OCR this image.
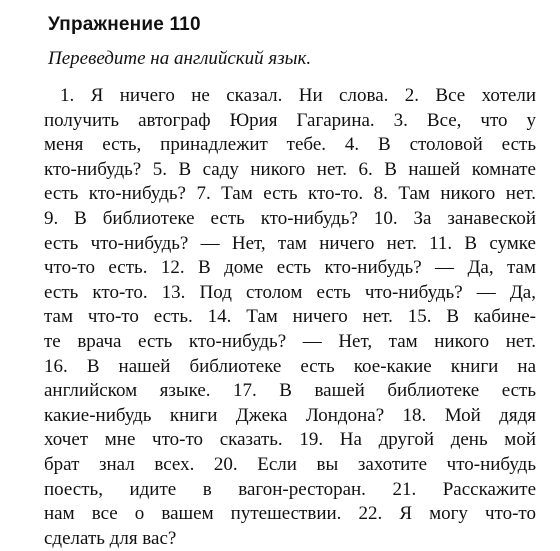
Упражнение 110
Переведите на английский язык.
1. Я ничего не сказал. Ни слова. 2. Все хотели
получить автограф Юрия Гагарина. 3. Все, что у
меня есть, принадлежит тебе. 4. В столовой есть
кто-нибудь? 5. В саду никого нет. 6. В нашей комнате
есть кто-нибудь? 7. Там есть кто-то. 8. Там никого нет.
9. В библиотеке есть кто-нибудь? 10. За занавеской
есть что-нибудь? — Нет, там ничего нет. 11. В сумке
что-то есть. 12. В доме есть кто-нибудь? — Да, там
есть кто-то. 13. Под столом есть что-нибудь? — Да,
там что-то есть. 14. Там ничего нет. 15. В кабине-
те врача есть кто-нибудь? — Нет, там никого нет.
16. В нашей библиотеке есть кое-какие книги на
английском языке. 17. В вашей библиотеке есть
какие-нибудь книги Джека Лондона? 18. Мой дядя
хочет мне что-то сказать. 19. На другой день мой
брат знал всех. 20. Если вы захотите что-нибудь
поесть, идите в вагон-ресторан. 21. Расскажите
нам все о вашем путешествии. 22. Я могу что-то
сделать для вас?
